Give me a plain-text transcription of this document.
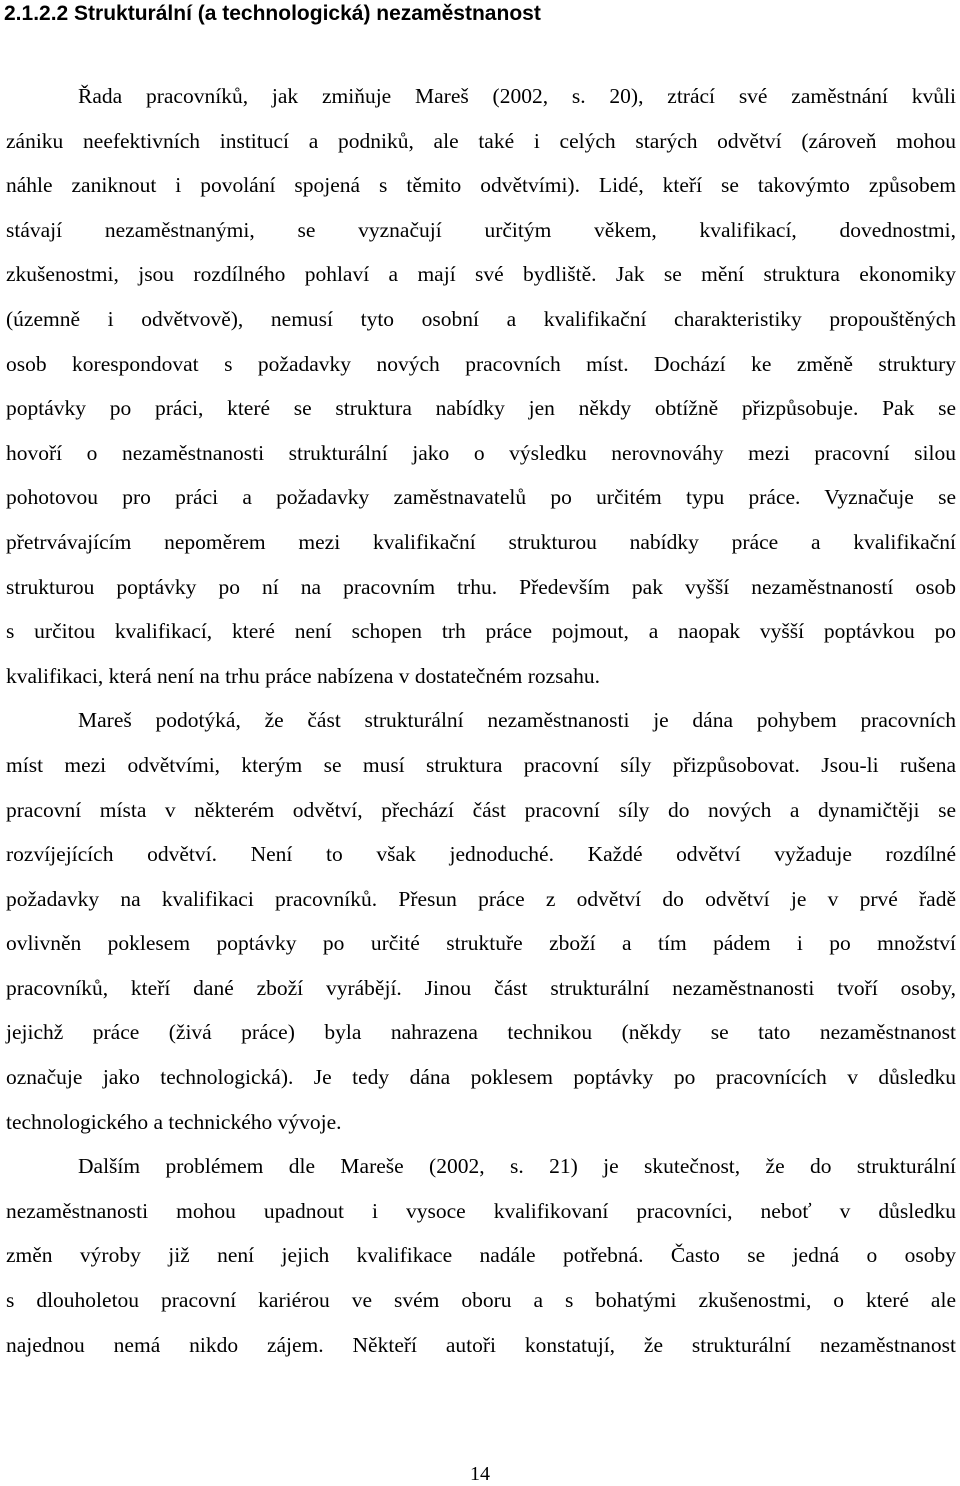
2.1.2.2 Strukturální (a technologická) nezaměstnanost
Řada pracovníků, jak zmiňuje Mareš (2002, s. 20), ztrácí své zaměstnání kvůli
zániku neefektivních institucí a podniků, ale také i celých starých odvětví (zároveň mohou
náhle zaniknout i povolání spojená s těmito odvětvími). Lidé, kteří se takovýmto způsobem
stávají nezaměstnanými, se vyznačují určitým věkem, kvalifikací, dovednostmi,
zkušenostmi, jsou rozdílného pohlaví a mají své bydliště. Jak se mění struktura ekonomiky
(územně i odvětvově), nemusí tyto osobní a kvalifikační charakteristiky propouštěných
osob korespondovat s požadavky nových pracovních míst. Dochází ke změně struktury
poptávky po práci, které se struktura nabídky jen někdy obtížně přizpůsobuje. Pak se
hovoří o nezaměstnanosti strukturální jako o výsledku nerovnováhy mezi pracovní silou
pohotovou pro práci a požadavky zaměstnavatelů po určitém typu práce. Vyznačuje se
přetrvávajícím nepoměrem mezi kvalifikační strukturou nabídky práce a kvalifikační
strukturou poptávky po ní na pracovním trhu. Především pak vyšší nezaměstnaností osob
s určitou kvalifikací, které není schopen trh práce pojmout, a naopak vyšší poptávkou po
kvalifikaci, která není na trhu práce nabízena v dostatečném rozsahu.
Mareš podotýká, že část strukturální nezaměstnanosti je dána pohybem pracovních
míst mezi odvětvími, kterým se musí struktura pracovní síly přizpůsobovat. Jsou-li rušena
pracovní místa v některém odvětví, přechází část pracovní síly do nových a dynamičtěji se
rozvíjejících odvětví. Není to však jednoduché. Každé odvětví vyžaduje rozdílné
požadavky na kvalifikaci pracovníků. Přesun práce z odvětví do odvětví je v prvé řadě
ovlivněn poklesem poptávky po určité struktuře zboží a tím pádem i po množství
pracovníků, kteří dané zboží vyrábějí. Jinou část strukturální nezaměstnanosti tvoří osoby,
jejichž práce (živá práce) byla nahrazena technikou (někdy se tato nezaměstnanost
označuje jako technologická). Je tedy dána poklesem poptávky po pracovnících v důsledku
technologického a technického vývoje.
Dalším problémem dle Mareše (2002, s. 21) je skutečnost, že do strukturální
nezaměstnanosti mohou upadnout i vysoce kvalifikovaní pracovníci, neboť v důsledku
změn výroby již není jejich kvalifikace nadále potřebná. Často se jedná o osoby
s dlouholetou pracovní kariérou ve svém oboru a s bohatými zkušenostmi, o které ale
najednou nemá nikdo zájem. Někteří autoři konstatují, že strukturální nezaměstnanost
14
